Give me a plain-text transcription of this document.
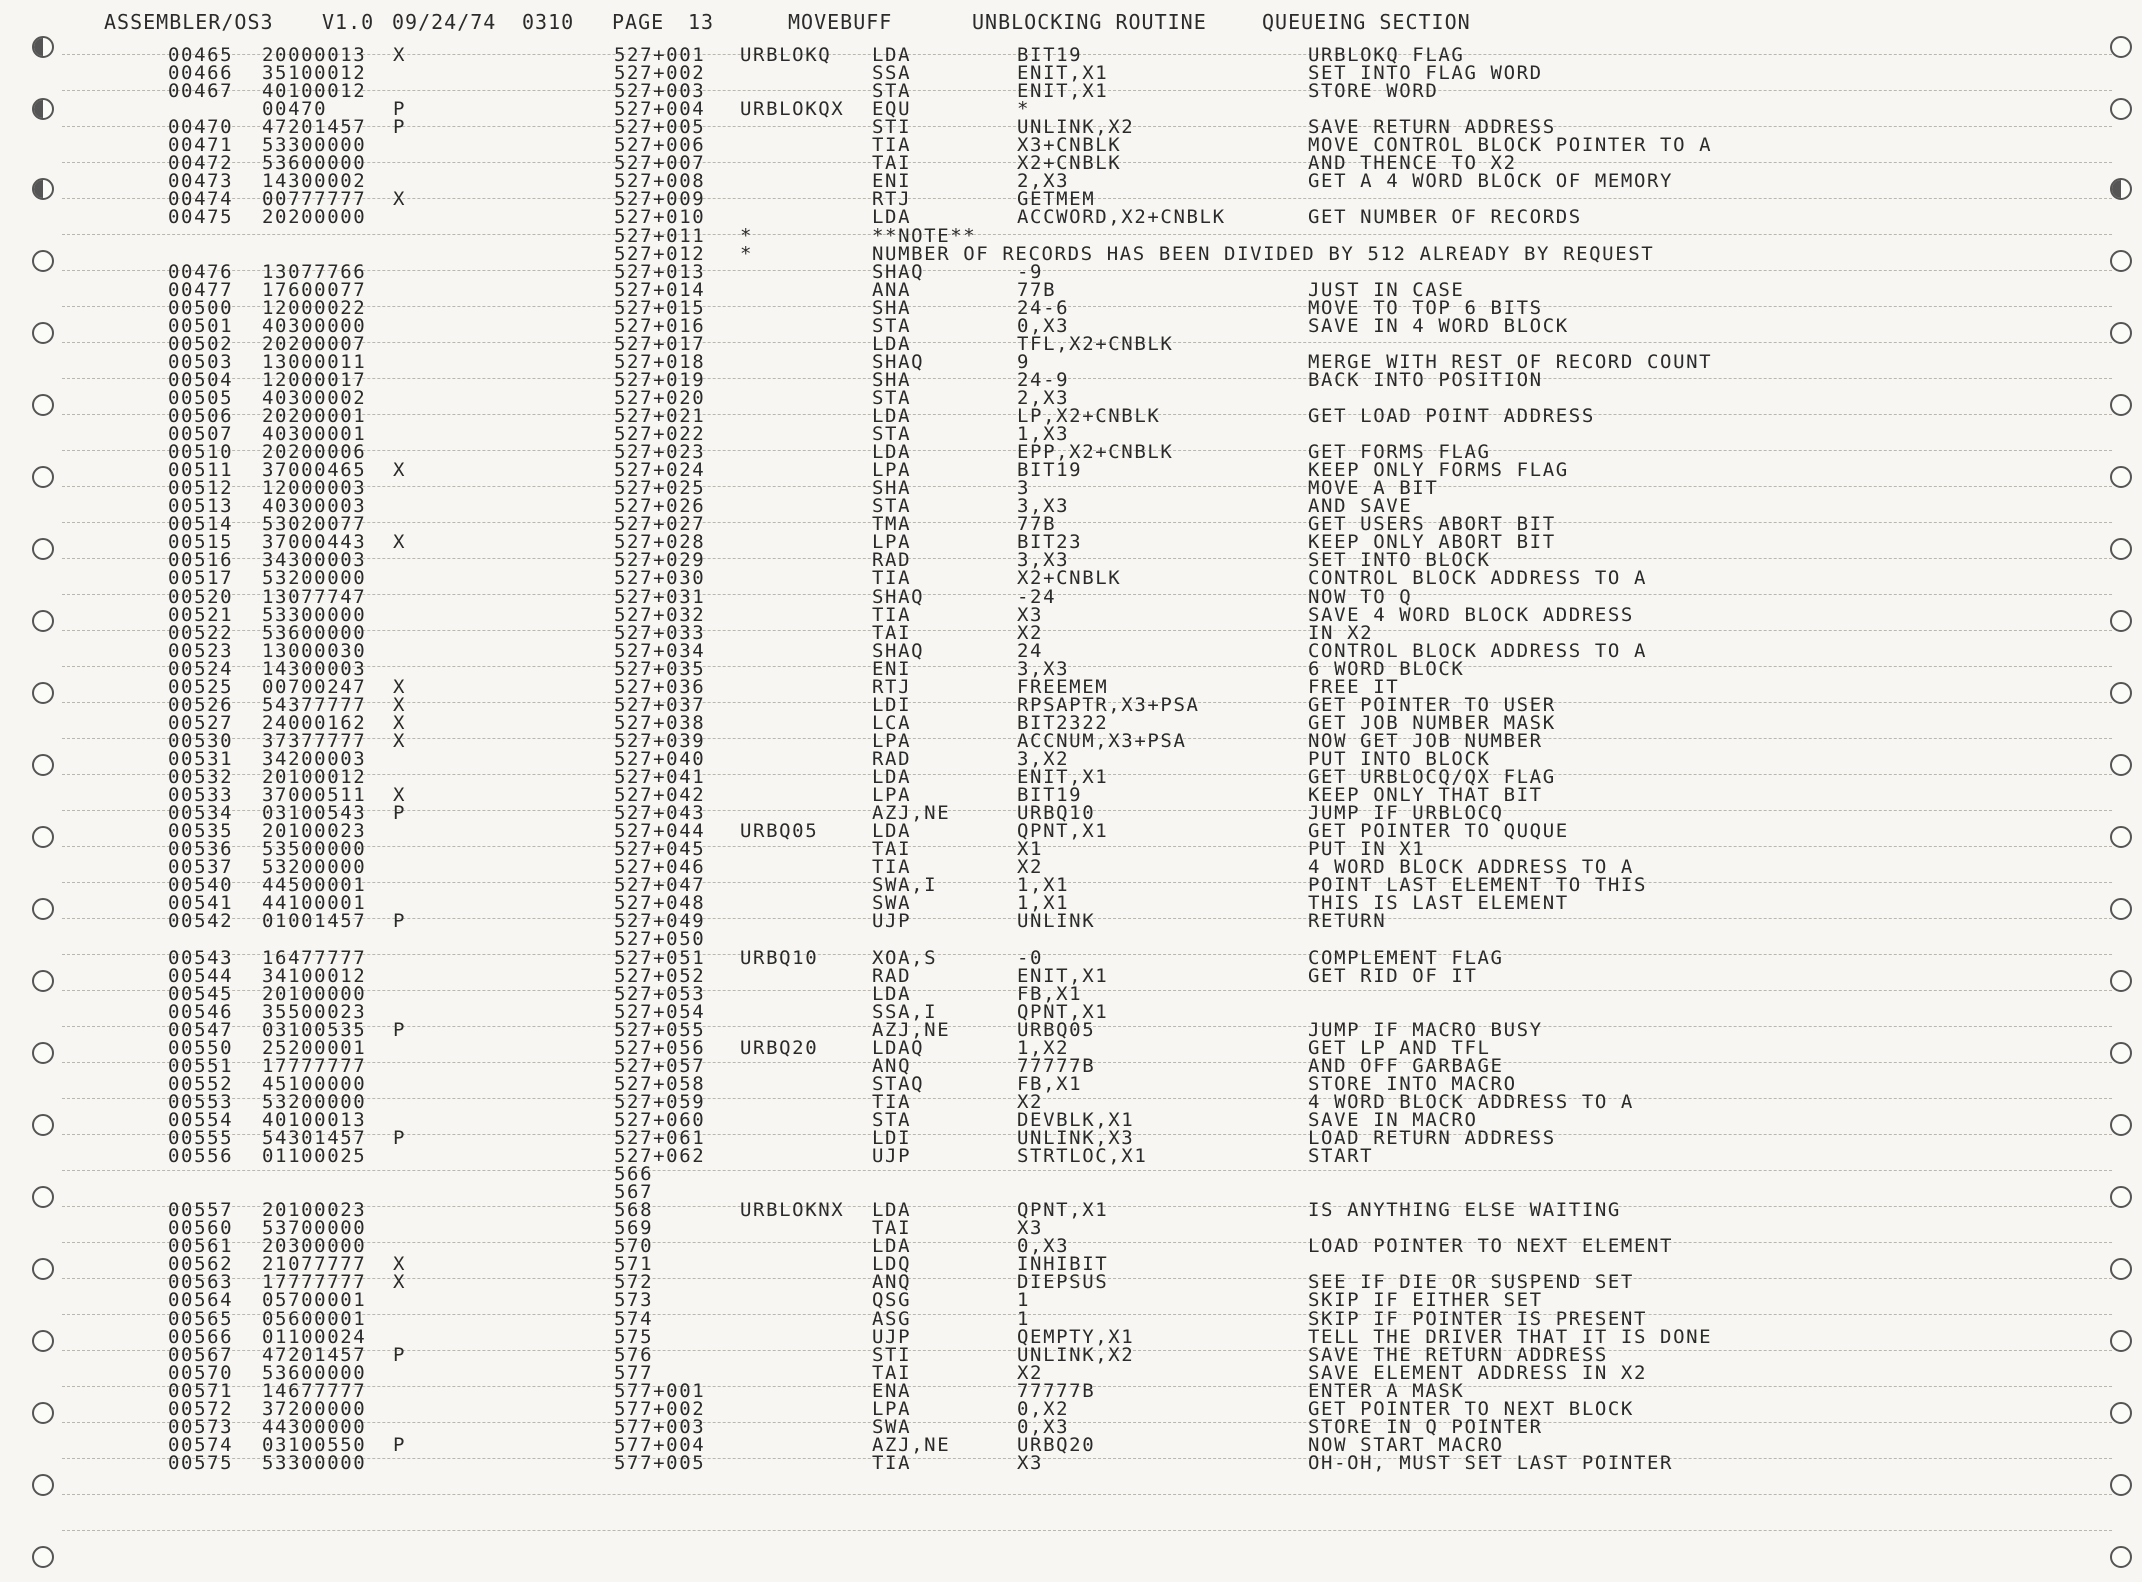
ASSEMBLER/OS3

V1.0

09/24/74

0310

PAGE

13

	MOVEBUFF

	UNBLOCKING ROUTINE

	QUEUEING SECTION

00465 20000013 X	527+001 URBLOKQ LDA	BIT19	URBLOKQ FLAG
00466 35100012	527+002	SSA	ENIT,X1	SET INTO FLAG WORD
00467 40100012	527+003	STA	ENIT,X1	STORE WORD
00470	P	527+004 URBLOKQX EQU	*
00470 47201457 P	527+005	STI	UNLINK,X2	SAVE RETURN ADDRESS
00471 53300000	527+006	TIA	X3+CNBLK	MOVE CONTROL BLOCK POINTER TO A
00472 53600000	527+007	TAI	X2+CNBLK	AND THENCE TO X2
00473 14300002	527+008	ENI	2,X3	GET A 4 WORD BLOCK OF MEMORY
00474 00777777 X	527+009	RTJ	GETMEM
00475 20200000	527+010	LDA	ACCWORD,X2+CNBLK	GET NUMBER OF RECORDS
527+011 *	**NOTE**
527+012 *	NUMBER OF RECORDS HAS BEEN DIVIDED BY 512 ALREADY BY REQUEST
00476 13077766	527+013	SHAQ	-9
00477 17600077	527+014	ANA	77B	JUST IN CASE
00500 12000022	527+015	SHA	24-6	MOVE TO TOP 6 BITS
00501 40300000	527+016	STA	0,X3	SAVE IN 4 WORD BLOCK
00502 20200007	527+017	LDA	TFL,X2+CNBLK
00503 13000011	527+018	SHAQ	9	MERGE WITH REST OF RECORD COUNT
00504 12000017	527+019	SHA	24-9	BACK INTO POSITION
00505 40300002	527+020	STA	2,X3
00506 20200001	527+021	LDA	LP,X2+CNBLK	GET LOAD POINT ADDRESS
00507 40300001	527+022	STA	1,X3
00510 20200006	527+023	LDA	EPP,X2+CNBLK	GET FORMS FLAG
00511 37000465 X	527+024	LPA	BIT19	KEEP ONLY FORMS FLAG
00512 12000003	527+025	SHA	3	MOVE A BIT
00513 40300003	527+026	STA	3,X3	AND SAVE
00514 53020077	527+027	TMA	77B	GET USERS ABORT BIT
00515 37000443 X	527+028	LPA	BIT23	KEEP ONLY ABORT BIT
00516 34300003	527+029	RAD	3,X3	SET INTO BLOCK
00517 53200000	527+030	TIA	X2+CNBLK	CONTROL BLOCK ADDRESS TO A
00520 13077747	527+031	SHAQ	-24	NOW TO Q
00521 53300000	527+032	TIA	X3	SAVE 4 WORD BLOCK ADDRESS
00522 53600000	527+033	TAI	X2	IN X2
00523 13000030	527+034	SHAQ	24	CONTROL BLOCK ADDRESS TO A
00524 14300003	527+035	ENI	3,X3	6 WORD BLOCK
00525 00700247 X	527+036	RTJ	FREEMEM	FREE IT
00526 54377777 X	527+037	LDI	RPSAPTR,X3+PSA	GET POINTER TO USER
00527 24000162 X	527+038	LCA	BIT2322	GET JOB NUMBER MASK
00530 37377777 X	527+039	LPA	ACCNUM,X3+PSA	NOW GET JOB NUMBER
00531 34200003	527+040	RAD	3,X2	PUT INTO BLOCK
00532 20100012	527+041	LDA	ENIT,X1	GET URBLOCQ/QX FLAG
00533 37000511 X	527+042	LPA	BIT19	KEEP ONLY THAT BIT
00534 03100543 P	527+043	AZJ,NE	URBQ10	JUMP IF URBLOCQ
00535 20100023	527+044 URBQ05	LDA	QPNT,X1	GET POINTER TO QUQUE
00536 53500000	527+045	TAI	X1	PUT IN X1
00537 53200000	527+046	TIA	X2	4 WORD BLOCK ADDRESS TO A
00540 44500001	527+047	SWA,I	1,X1	POINT LAST ELEMENT TO THIS
00541 44100001	527+048	SWA	1,X1	THIS IS LAST ELEMENT
00542 01001457 P	527+049	UJP	UNLINK	RETURN
527+050
00543 16477777	527+051 URBQ10	XOA,S	-0	COMPLEMENT FLAG
00544 34100012	527+052	RAD	ENIT,X1	GET RID OF IT
00545 20100000	527+053	LDA	FB,X1
00546 35500023	527+054	SSA,I	QPNT,X1
00547 03100535 P	527+055	AZJ,NE	URBQ05	JUMP IF MACRO BUSY
00550 25200001	527+056 URBQ20	LDAQ	1,X2	GET LP AND TFL
00551 17777777	527+057	ANQ	77777B	AND OFF GARBAGE
00552 45100000	527+058	STAQ	FB,X1	STORE INTO MACRO
00553 53200000	527+059	TIA	X2	4 WORD BLOCK ADDRESS TO A
00554 40100013	527+060	STA	DEVBLK,X1	SAVE IN MACRO
00555 54301457 P	527+061	LDI	UNLINK,X3	LOAD RETURN ADDRESS
00556 01100025	527+062	UJP	STRTLOC,X1	START
566
567
00557 20100023	568	URBLOKNX LDA	QPNT,X1	IS ANYTHING ELSE WAITING
00560 53700000	569	TAI	X3
00561 20300000	570	LDA	0,X3	LOAD POINTER TO NEXT ELEMENT
00562 21077777 X	571	LDQ	INHIBIT
00563 17777777 X	572	ANQ	DIEPSUS	SEE IF DIE OR SUSPEND SET
00564 05700001	573	QSG	1	SKIP IF EITHER SET
00565 05600001	574	ASG	1	SKIP IF POINTER IS PRESENT
00566 01100024	575	UJP	QEMPTY,X1	TELL THE DRIVER THAT IT IS DONE
00567 47201457 P	576	STI	UNLINK,X2	SAVE THE RETURN ADDRESS
00570 53600000	577	TAI	X2	SAVE ELEMENT ADDRESS IN X2
00571 14677777	577+001	ENA	77777B	ENTER A MASK
00572 37200000	577+002	LPA	0,X2	GET POINTER TO NEXT BLOCK
00573 44300000	577+003	SWA	0,X3	STORE IN Q POINTER
00574 03100550 P	577+004	AZJ,NE	URBQ20	NOW START MACRO
00575 53300000	577+005	TIA	X3	OH-OH, MUST SET LAST POINTER
